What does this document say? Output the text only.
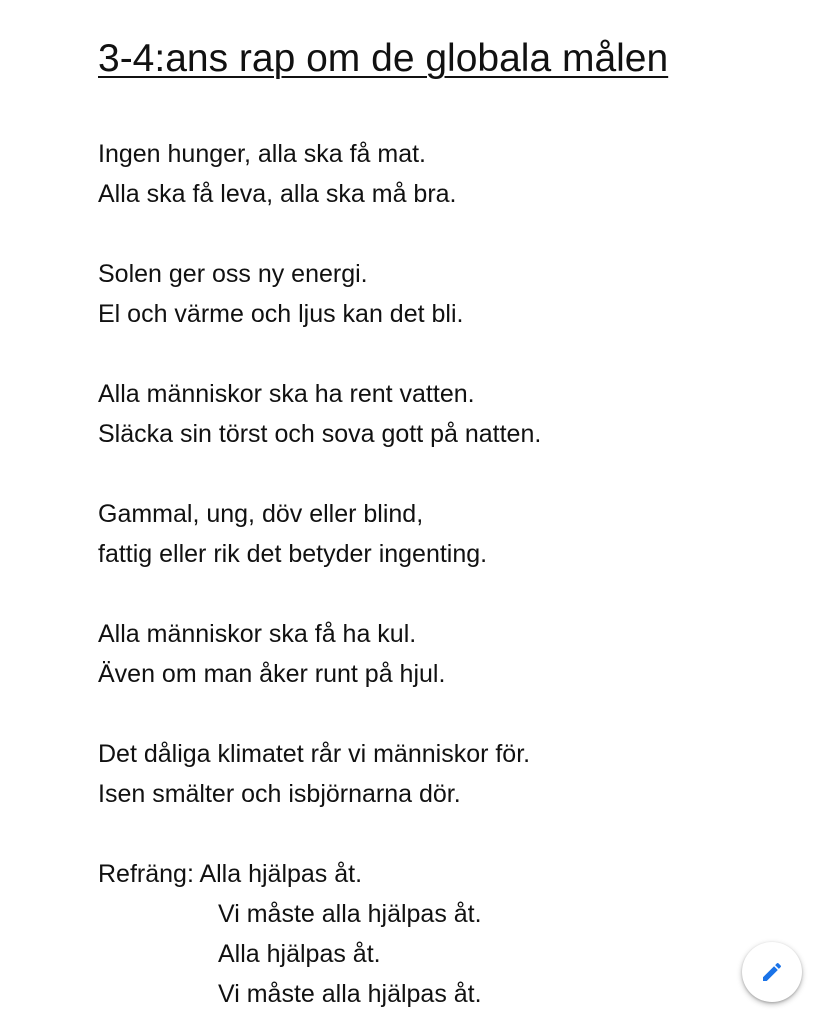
3-4:ans rap om de globala målen
Ingen hunger, alla ska få mat.
Alla ska få leva, alla ska må bra.
Solen ger oss ny energi.
El och värme och ljus kan det bli.
Alla människor ska ha rent vatten.
Släcka sin törst och sova gott på natten.
Gammal, ung, döv eller blind,
fattig eller rik det betyder ingenting.
Alla människor ska få ha kul.
Även om man åker runt på hjul.
Det dåliga klimatet rår vi människor för.
Isen smälter och isbjörnarna dör.
Refräng: Alla hjälpas åt.
Vi måste alla hjälpas åt.
Alla hjälpas åt.
Vi måste alla hjälpas åt.
